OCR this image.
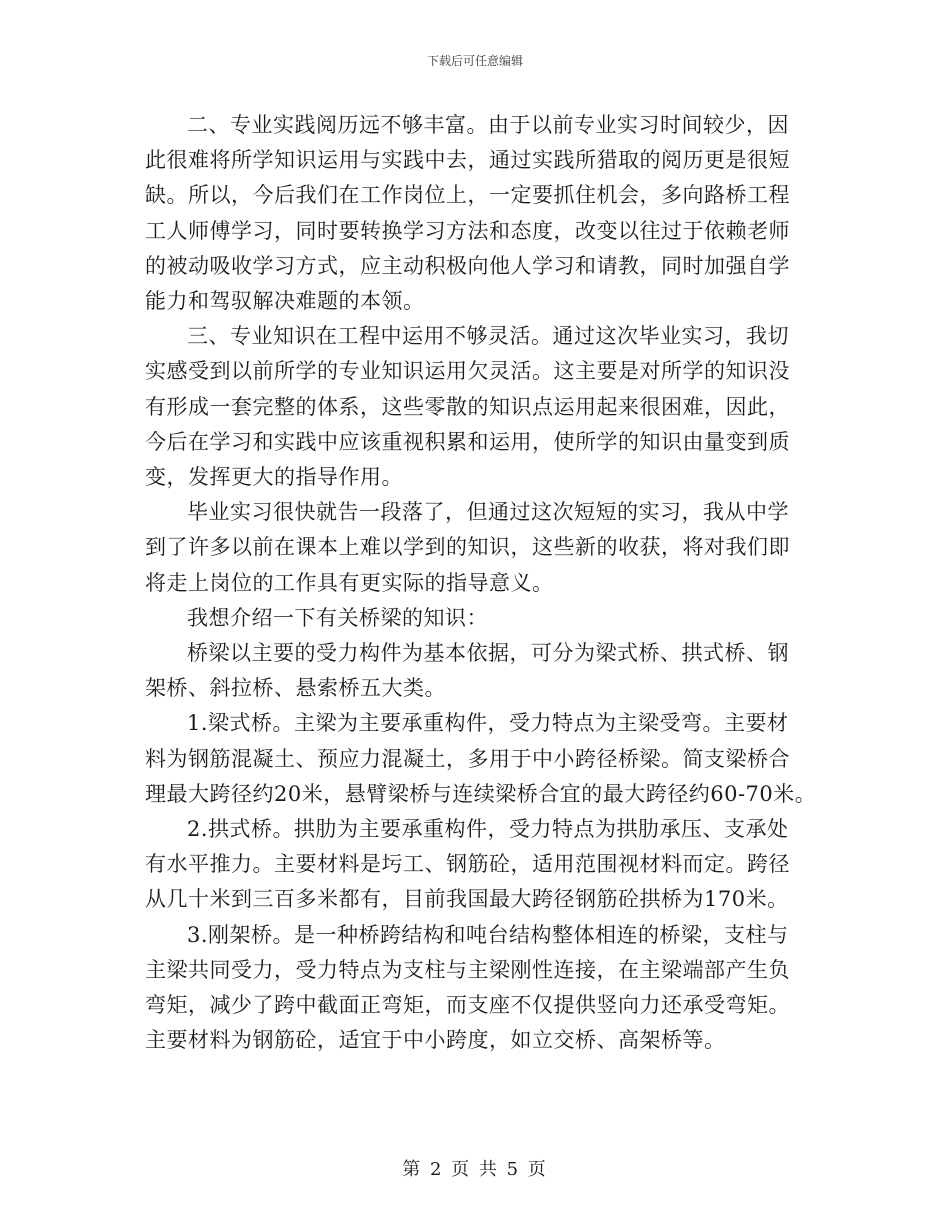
下载后可任意编辑

二、专业实践阅历远不够丰富。由于以前专业实习时间较少，因
此很难将所学知识运用与实践中去，通过实践所猎取的阅历更是很短
缺。所以，今后我们在工作岗位上，一定要抓住机会，多向路桥工程
工人师傅学习，同时要转换学习方法和态度，改变以往过于依赖老师
的被动吸收学习方式，应主动积极向他人学习和请教，同时加强自学
能力和驾驭解决难题的本领。

三、专业知识在工程中运用不够灵活。通过这次毕业实习，我切
实感受到以前所学的专业知识运用欠灵活。这主要是对所学的知识没
有形成一套完整的体系，这些零散的知识点运用起来很困难，因此，
今后在学习和实践中应该重视积累和运用，使所学的知识由量变到质
变，发挥更大的指导作用。

毕业实习很快就告一段落了，但通过这次短短的实习，我从中学
到了许多以前在课本上难以学到的知识，这些新的收获，将对我们即
将走上岗位的工作具有更实际的指导意义。

我想介绍一下有关桥梁的知识：

桥梁以主要的受力构件为基本依据，可分为梁式桥、拱式桥、钢
架桥、斜拉桥、悬索桥五大类。

1.梁式桥。主梁为主要承重构件，受力特点为主梁受弯。主要材
料为钢筋混凝土、预应力混凝土，多用于中小跨径桥梁。简支梁桥合
理最大跨径约20米，悬臂梁桥与连续梁桥合宜的最大跨径约60-70米。

2.拱式桥。拱肋为主要承重构件，受力特点为拱肋承压、支承处
有水平推力。主要材料是圬工、钢筋砼，适用范围视材料而定。跨径
从几十米到三百多米都有，目前我国最大跨径钢筋砼拱桥为170米。

3.刚架桥。是一种桥跨结构和吨台结构整体相连的桥梁，支柱与
主梁共同受力，受力特点为支柱与主梁刚性连接，在主梁端部产生负
弯矩，减少了跨中截面正弯矩，而支座不仅提供竖向力还承受弯矩。
主要材料为钢筋砼，适宜于中小跨度，如立交桥、高架桥等。

第 2 页 共 5 页
